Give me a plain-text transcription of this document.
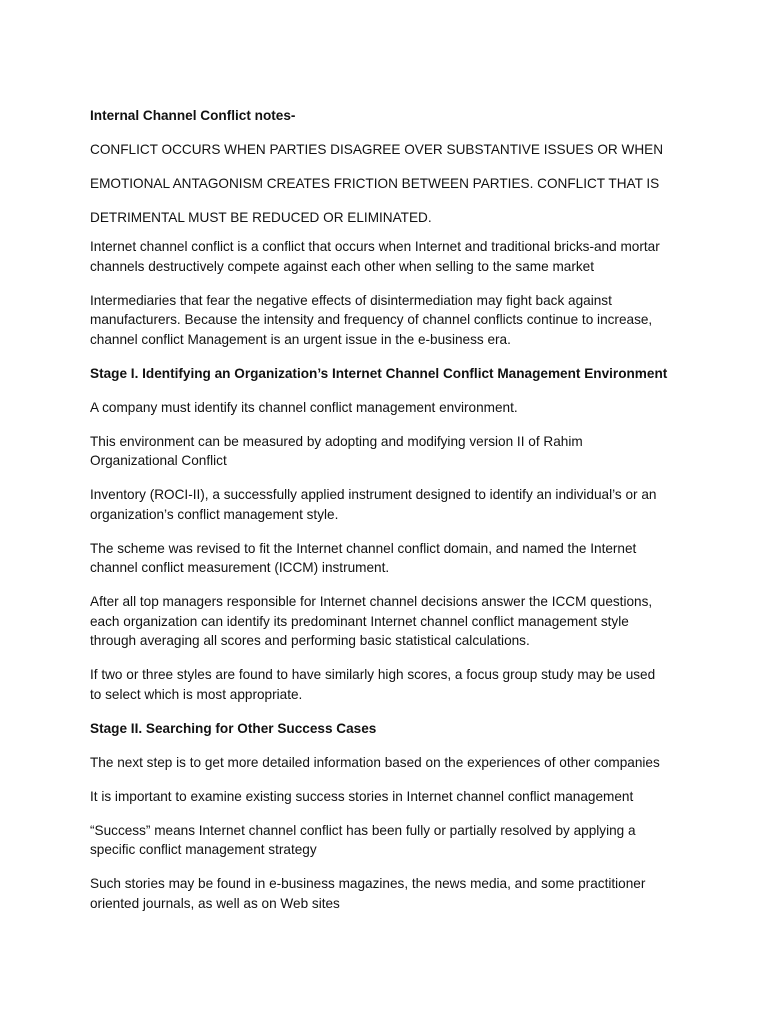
Internal Channel Conflict notes-

CONFLICT OCCURS WHEN PARTIES DISAGREE OVER SUBSTANTIVE ISSUES OR WHEN
EMOTIONAL ANTAGONISM CREATES FRICTION BETWEEN PARTIES. CONFLICT THAT IS
DETRIMENTAL MUST BE REDUCED OR ELIMINATED.

Internet channel conflict is a conflict that occurs when Internet and traditional bricks-and mortar
channels destructively compete against each other when selling to the same market

Intermediaries that fear the negative effects of disintermediation may fight back against
manufacturers. Because the intensity and frequency of channel conflicts continue to increase,
channel conflict Management is an urgent issue in the e-business era.

Stage I. Identifying an Organization’s Internet Channel Conflict Management Environment

A company must identify its channel conflict management environment.

This environment can be measured by adopting and modifying version II of Rahim
Organizational Conflict

Inventory (ROCI-II), a successfully applied instrument designed to identify an individual’s or an
organization’s conflict management style.

The scheme was revised to fit the Internet channel conflict domain, and named the Internet
channel conflict measurement (ICCM) instrument.

After all top managers responsible for Internet channel decisions answer the ICCM questions,
each organization can identify its predominant Internet channel conflict management style
through averaging all scores and performing basic statistical calculations.

If two or three styles are found to have similarly high scores, a focus group study may be used
to select which is most appropriate.

Stage II. Searching for Other Success Cases

The next step is to get more detailed information based on the experiences of other companies

It is important to examine existing success stories in Internet channel conflict management

“Success” means Internet channel conflict has been fully or partially resolved by applying a
specific conflict management strategy

Such stories may be found in e-business magazines, the news media, and some practitioner
oriented journals, as well as on Web sites
